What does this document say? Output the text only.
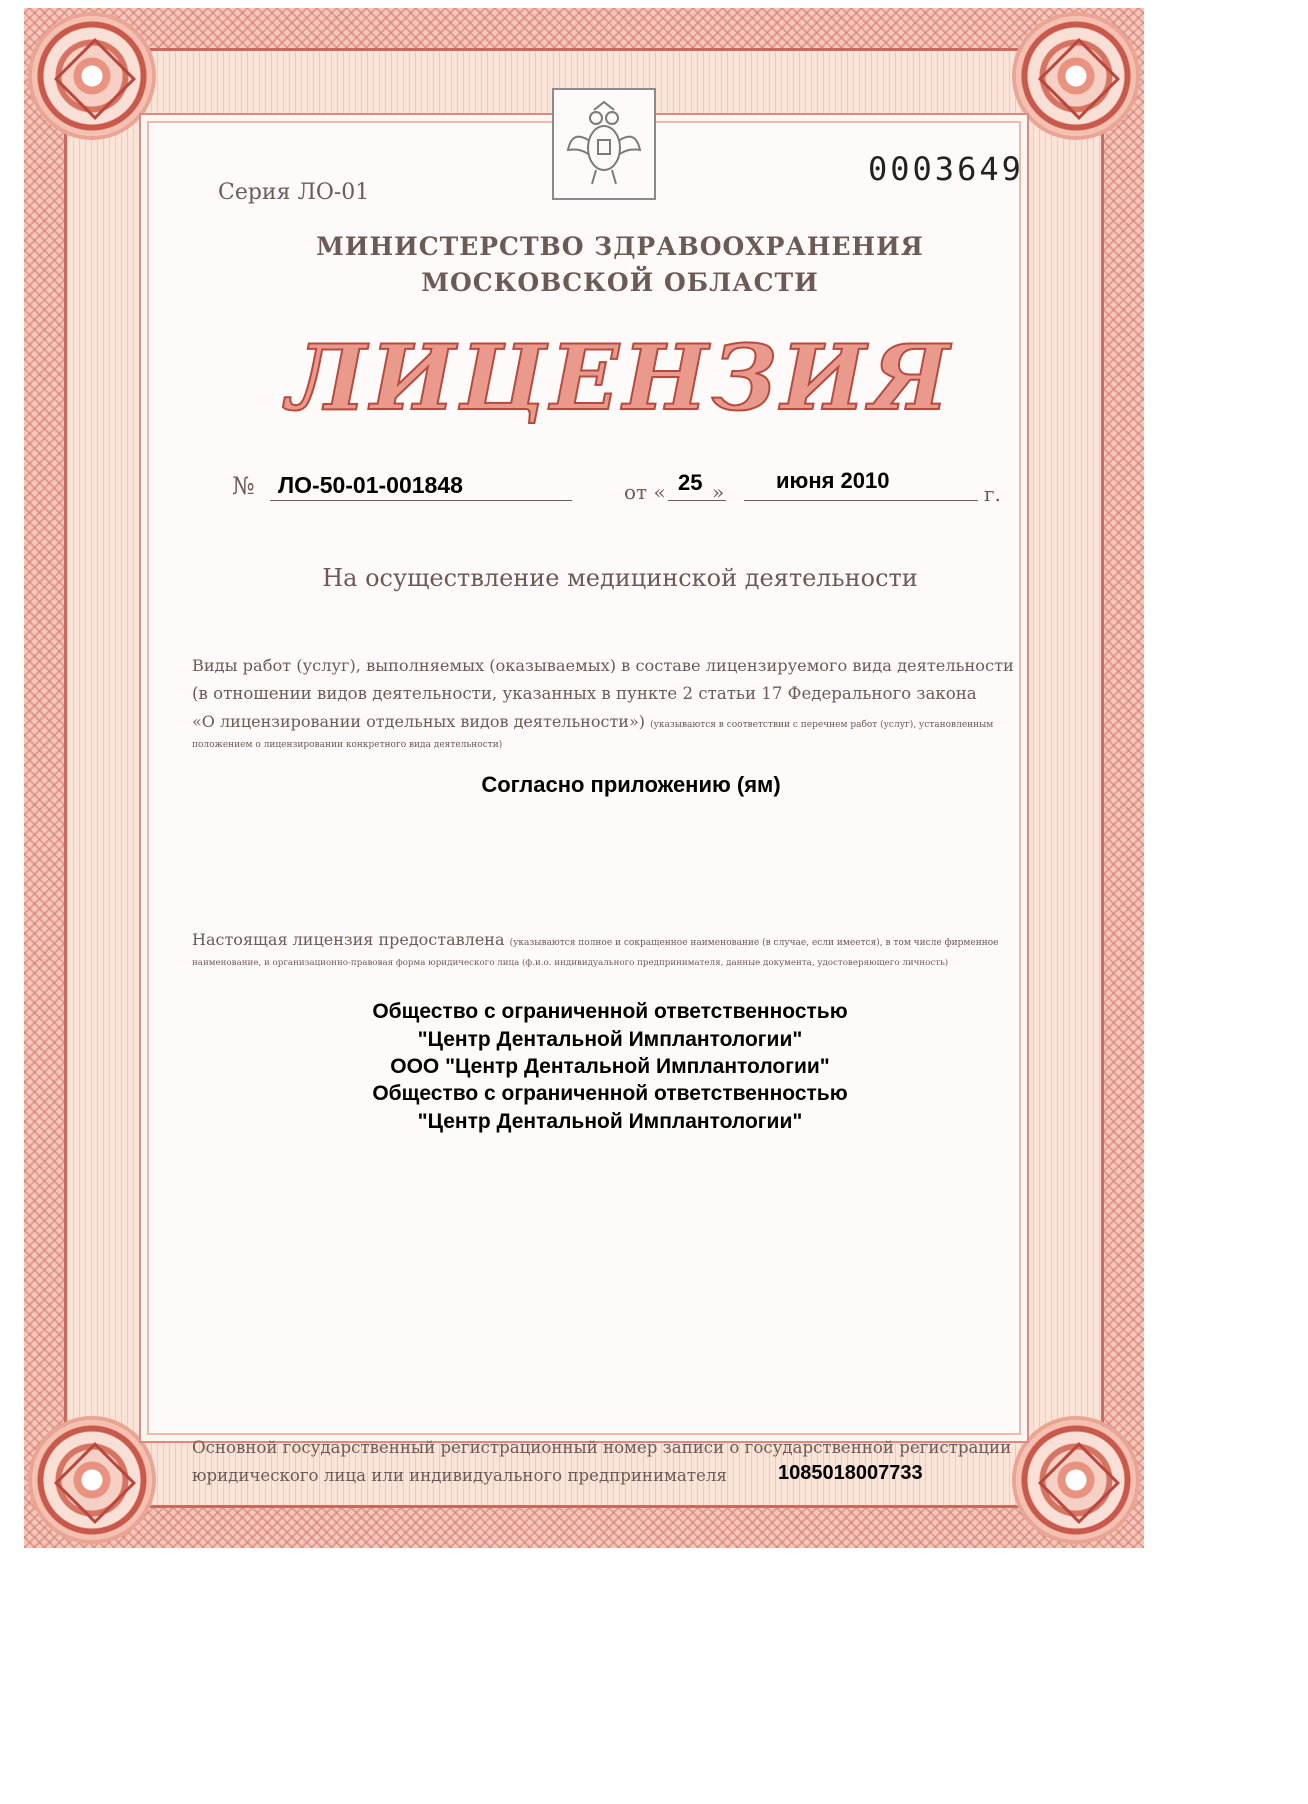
Серия ЛО-01
0003649
МИНИСТЕРСТВО ЗДРАВООХРАНЕНИЯ
МОСКОВСКОЙ ОБЛАСТИ
ЛИЦЕНЗИЯ
№ ЛО-50-01-001848	от « 25 » июня 2010
г.
На осуществление медицинской деятельности
Виды работ (услуг), выполняемых (оказываемых) в составе лицензируемого вида деятельности
(в отношении видов деятельности, указанных в пункте 2 статьи 17 Федерального закона
«О лицензировании отдельных видов деятельности») (указываются в соответствии с перечнем работ (услуг), установленным
положением о лицензировании конкретного вида деятельности)
Согласно приложению (ям)
Настоящая лицензия предоставлена (указываются полное и сокращенное наименование (в случае, если имеется), в том числе фирменное
наименование, и организационно-правовая форма юридического лица (ф.и.о. индивидуального предпринимателя, данные документа, удостоверяющего личность)
Общество с ограниченной ответственностью
"Центр Дентальной Имплантологии"
ООО "Центр Дентальной Имплантологии"
Общество с ограниченной ответственностью
"Центр Дентальной Имплантологии"
Основной государственный регистрационный номер записи о государственной регистрации
юридического лица или индивидуального предпринимателя	1085018007733
